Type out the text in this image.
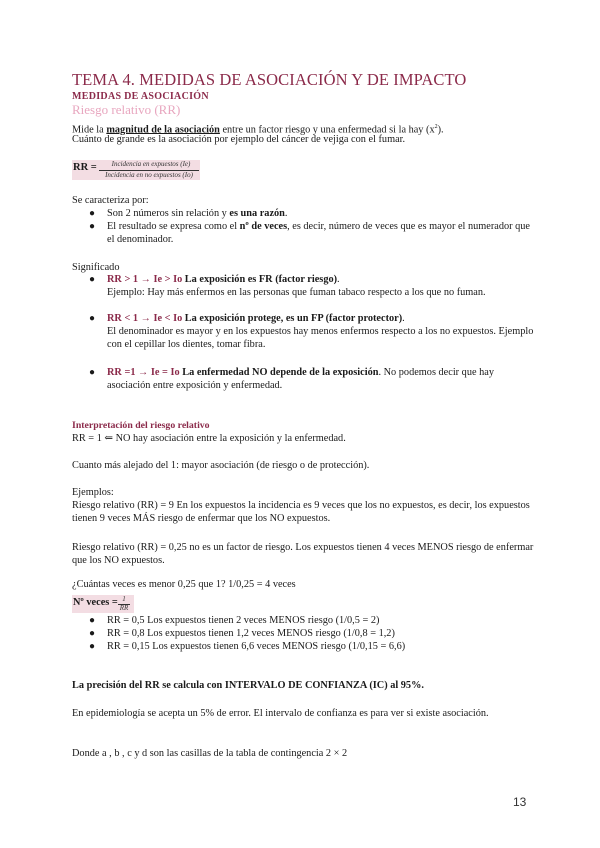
TEMA 4. MEDIDAS DE ASOCIACIÓN Y DE IMPACTO
MEDIDAS DE ASOCIACIÓN
Riesgo relativo (RR)
Mide la magnitud de la asociación entre un factor riesgo y una enfermedad si la hay $(x^2)$.
Cuánto de grande es la asociación por ejemplo del cáncer de vejiga con el fumar.
RR =	Incidencia en expuestos (Ie)
Incidencia en no expuestos (Io)
Se caracteriza por:
● Son 2 números sin relación y es una razón.
● El resultado se expresa como el nº de veces, es decir, número de veces que es mayor el numerador que
el denominador.
Significado
● RR > 1 → Ie > Io La exposición es FR (factor riesgo).
Ejemplo: Hay más enfermos en las personas que fuman tabaco respecto a los que no fuman.
● RR < 1 → Ie < Io La exposición protege, es un FP (factor protector).
El denominador es mayor y en los expuestos hay menos enfermos respecto a los no expuestos. Ejemplo
con el cepillar los dientes, tomar fibra.
● RR =1 → Ie = Io La enfermedad NO depende de la exposición. No podemos decir que hay
asociación entre exposición y enfermedad.
Interpretación del riesgo relativo
RR = 1 ⇐ NO hay asociación entre la exposición y la enfermedad.
Cuanto más alejado del 1: mayor asociación (de riesgo o de protección).
Ejemplos:
Riesgo relativo (RR) = 9 En los expuestos la incidencia es 9 veces que los no expuestos, es decir, los expuestos
tienen 9 veces MÁS riesgo de enfermar que los NO expuestos.
Riesgo relativo (RR) = 0,25 no es un factor de riesgo. Los expuestos tienen 4 veces MENOS riesgo de enfermar
que los NO expuestos.
¿Cuántas veces es menor 0,25 que 1? 1/0,25 = 4 veces
Nº veces = 1
RR
● RR = 0,5 Los expuestos tienen 2 veces MENOS riesgo (1/0,5 = 2)
● RR = 0,8 Los expuestos tienen 1,2 veces MENOS riesgo (1/0,8 = 1,2)
● RR = 0,15 Los expuestos tienen 6,6 veces MENOS riesgo (1/0,15 = 6,6)
La precisión del RR se calcula con INTERVALO DE CONFIANZA (IC) al 95%.
En epidemiología se acepta un 5% de error. El intervalo de confianza es para ver si existe asociación.
Donde a , b , c y d son las casillas de la tabla de contingencia 2 × 2
13
